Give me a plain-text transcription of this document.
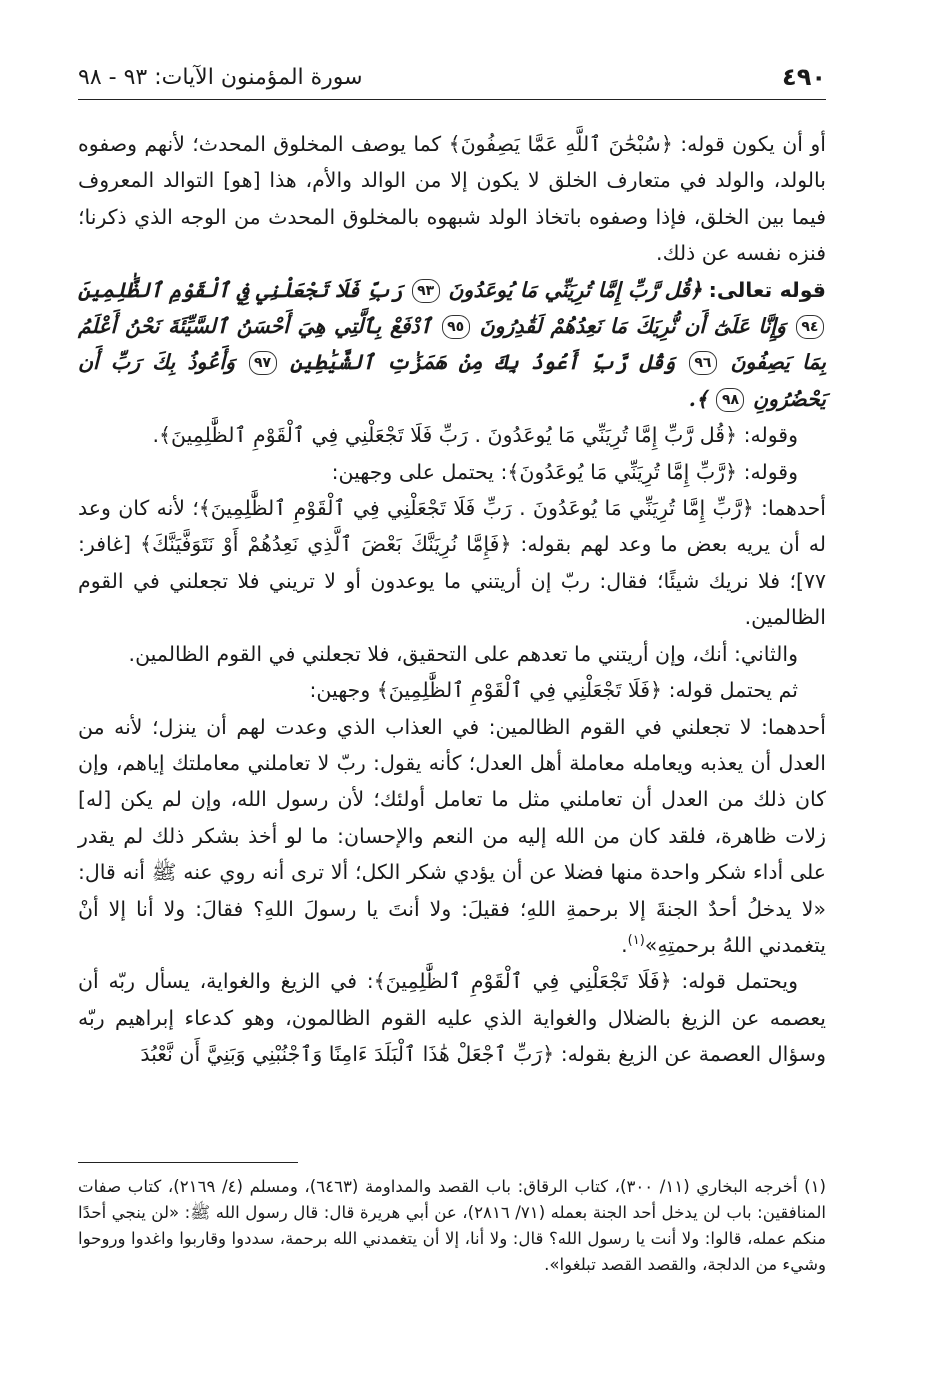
٤٩٠
سورة المؤمنون الآيات: ٩٣ - ٩٨

أو أن يكون قوله: ﴿سُبْحَٰنَ ٱللَّهِ عَمَّا يَصِفُونَ﴾ كما يوصف المخلوق المحدث؛ لأنهم وصفوه بالولد، والولد في متعارف الخلق لا يكون إلا من الوالد والأم، هذا [هو] التوالد المعروف فيما بين الخلق، فإذا وصفوه باتخاذ الولد شبهوه بالمخلوق المحدث من الوجه الذي ذكرنا؛ فنزه نفسه عن ذلك.

قوله تعالى: ﴿قُل رَّبِّ إِمَّا تُرِيَنِّي مَا يُوعَدُونَ ٩٣ رَبِّ فَلَا تَجْعَلْنِي فِي ٱلْقَوْمِ ٱلظَّٰلِمِينَ ٩٤ وَإِنَّا عَلَىٰٓ أَن نُّرِيَكَ مَا نَعِدُهُمْ لَقَٰدِرُونَ ٩٥ ٱدْفَعْ بِٱلَّتِي هِيَ أَحْسَنُ ٱلسَّيِّئَةَ نَحْنُ أَعْلَمُ بِمَا يَصِفُونَ ٩٦ وَقُل رَّبِّ أَعُوذُ بِكَ مِنْ هَمَزَٰتِ ٱلشَّيَٰطِينِ ٩٧ وَأَعُوذُ بِكَ رَبِّ أَن يَحْضُرُونِ ٩٨ ﴾.

وقوله: ﴿قُل رَّبِّ إِمَّا تُرِيَنِّي مَا يُوعَدُونَ . رَبِّ فَلَا تَجْعَلْنِي فِي ٱلْقَوْمِ ٱلظَّٰلِمِينَ﴾.

وقوله: ﴿رَّبِّ إِمَّا تُرِيَنِّي مَا يُوعَدُونَ﴾: يحتمل على وجهين:

أحدهما: ﴿رَّبِّ إِمَّا تُرِيَنِّي مَا يُوعَدُونَ . رَبِّ فَلَا تَجْعَلْنِي فِي ٱلْقَوْمِ ٱلظَّٰلِمِينَ﴾؛ لأنه كان وعد له أن يريه بعض ما وعد لهم بقوله: ﴿فَإِمَّا نُرِيَنَّكَ بَعْضَ ٱلَّذِي نَعِدُهُمْ أَوْ نَتَوَفَّيَنَّكَ﴾ [غافر: ٧٧]؛ فلا نريك شيئًا؛ فقال: ربّ إن أريتني ما يوعدون أو لا تريني فلا تجعلني في القوم الظالمين.

والثاني: أنك، وإن أريتني ما تعدهم على التحقيق، فلا تجعلني في القوم الظالمين.

ثم يحتمل قوله: ﴿فَلَا تَجْعَلْنِي فِي ٱلْقَوْمِ ٱلظَّٰلِمِينَ﴾ وجهين:

أحدهما: لا تجعلني في القوم الظالمين: في العذاب الذي وعدت لهم أن ينزل؛ لأنه من العدل أن يعذبه ويعامله معاملة أهل العدل؛ كأنه يقول: ربّ لا تعاملني معاملتك إياهم، وإن كان ذلك من العدل أن تعاملني مثل ما تعامل أولئك؛ لأن رسول الله، وإن لم يكن [له] زلات ظاهرة، فلقد كان من الله إليه من النعم والإحسان: ما لو أخذ بشكر ذلك لم يقدر على أداء شكر واحدة منها فضلا عن أن يؤدي شكر الكل؛ ألا ترى أنه روي عنه ﷺ أنه قال: «لا يدخلُ أحدٌ الجنةَ إلا برحمةِ اللهِ؛ فقيلَ: ولا أنتَ يا رسولَ اللهِ؟ فقالَ: ولا أنا إلا أنْ يتغمدني اللهُ برحمتِهِ»$^{(١)}$.

ويحتمل قوله: ﴿فَلَا تَجْعَلْنِي فِي ٱلْقَوْمِ ٱلظَّٰلِمِينَ﴾: في الزيغ والغواية، يسأل ربّه أن يعصمه عن الزيغ بالضلال والغواية الذي عليه القوم الظالمون، وهو كدعاء إبراهيم ربّه وسؤال العصمة عن الزيغ بقوله: ﴿رَبِّ ٱجْعَلْ هَٰذَا ٱلْبَلَدَ ءَامِنًا وَٱجْنُبْنِي وَبَنِيَّ أَن نَّعْبُدَ

(١) أخرجه البخاري (١١/ ٣٠٠)، كتاب الرقاق: باب القصد والمداومة (٦٤٦٣)، ومسلم (٤/ ٢١٦٩)، كتاب صفات المنافقين: باب لن يدخل أحد الجنة بعمله (٧١/ ٢٨١٦)، عن أبي هريرة قال: قال رسول الله ﷺ: «لن ينجي أحدًا منكم عمله، قالوا: ولا أنت يا رسول الله؟ قال: ولا أنا، إلا أن يتغمدني الله برحمة، سددوا وقاربوا واغدوا وروحوا وشيء من الدلجة، والقصد القصد تبلغوا».
